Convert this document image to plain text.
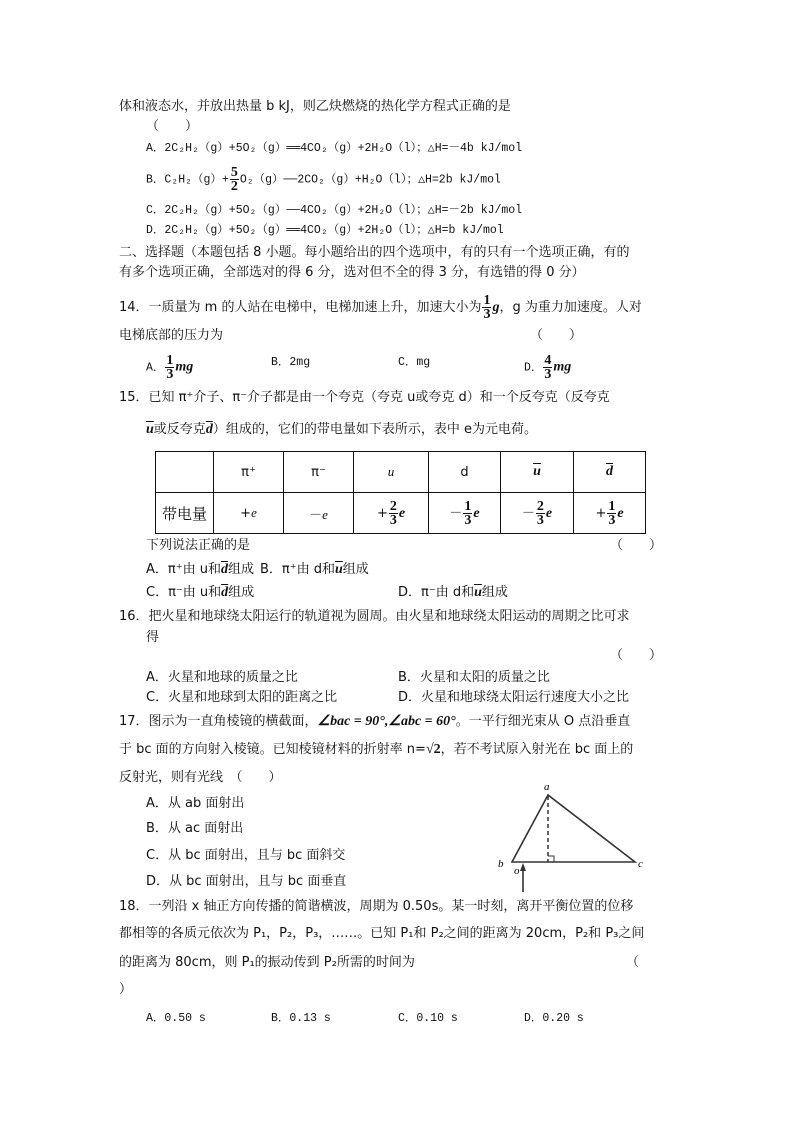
体和液态水，并放出热量 b kJ，则乙炔燃烧的热化学方程式正确的是
（　　）
A．2C₂H₂（g）+5O₂（g）══4CO₂（g）+2H₂O（l）；△H=－4b kJ/mol
B．$C_2H_2(g)+ \frac{5}{2}$ O₂（g）──2CO₂（g）+H₂O（l）；△H=2b kJ/mol
C．2C₂H₂（g）+5O₂（g）──4CO₂（g）+2H₂O（l）；△H=－2b kJ/mol
D．2C₂H₂（g）+5O₂（g）══4CO₂（g）+2H₂O（l）；△H=b kJ/mol
二、选择题（本题包括 8 小题。每小题给出的四个选项中，有的只有一个选项正确，有的
有多个选项正确，全部选对的得 6 分，选对但不全的得 3 分，有选错的得 0 分）
14．一质量为 m 的人站在电梯中，电梯加速上升，加速大小为 $\frac{1}{3}$ g，g 为重力加速度。人对
电梯底部的压力为	（　　）
A． $\frac{1}{3}$ mg	B．2mg	C．mg	D． $\frac{4}{3}$ mg
15．已知 π⁺介子、π⁻介子都是由一个夸克（夸克 u或夸克 d）和一个反夸克（反夸克
$\overline{u}$或反夸克$\overline{d}$）组成的，它们的带电量如下表所示，表中 e为元电荷。
	π⁺	π⁻	u	d	$\overline{u}$	$\overline{d}$
带电量	+e	－e	+ $\frac{2}{3}$ e	－ $\frac{1}{3}$ e	－ $\frac{2}{3}$ e	+ $\frac{1}{3}$ e
下列说法正确的是	（　　）
A．π⁺由 u和$\overline{d}$组成 B．π⁺由 d和$\overline{u}$组成
C．π⁻由 u和$\overline{d}$组成	D．π⁻由 d和$\overline{u}$组成
16．把火星和地球绕太阳运行的轨道视为圆周。由火星和地球绕太阳运动的周期之比可求
得
（　　）
A．火星和地球的质量之比	B．火星和太阳的质量之比
C．火星和地球到太阳的距离之比	D．火星和地球绕太阳运行速度大小之比
17．图示为一直角棱镜的横截面，∠bac = 90°,∠abc = 60°。一平行细光束从 O 点沿垂直
于 bc 面的方向射入棱镜。已知棱镜材料的折射率 n=√2，若不考试原入射光在 bc 面上的
反射光，则有光线　（　　）
A．从 ab 面射出
B．从 ac 面射出
C．从 bc 面射出，且与 bc 面斜交
D．从 bc 面射出，且与 bc 面垂直
a
b	c
o
18．一列沿 x 轴正方向传播的简谐横波，周期为 0.50s。某一时刻，离开平衡位置的位移
都相等的各质元依次为 P₁，P₂，P₃，……。已知 P₁和 P₂之间的距离为 20cm，P₂和 P₃之间
的距离为 80cm，则 P₁的振动传到 P₂所需的时间为	（
）
A．0.50 s	B．0.13 s	C．0.10 s	D．0.20 s
